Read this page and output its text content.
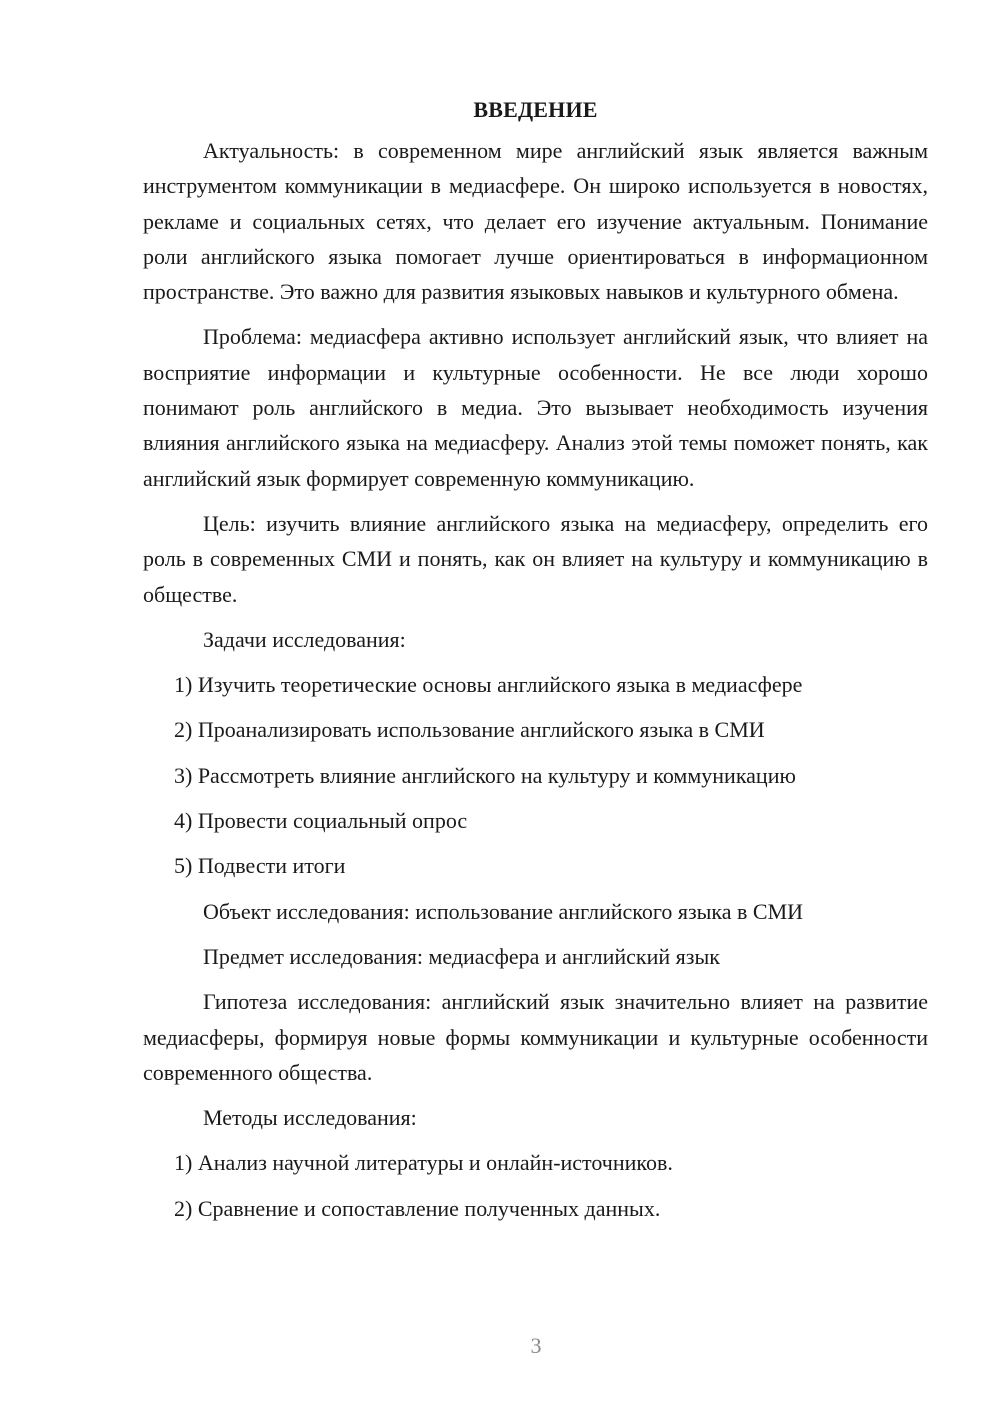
ВВЕДЕНИЕ

Актуальность: в современном мире английский язык является важным инструментом коммуникации в медиасфере. Он широко используется в новостях, рекламе и социальных сетях, что делает его изучение актуальным. Понимание роли английского языка помогает лучше ориентироваться в информационном пространстве. Это важно для развития языковых навыков и культурного обмена.

Проблема: медиасфера активно использует английский язык, что влияет на восприятие информации и культурные особенности. Не все люди хорошо понимают роль английского в медиа. Это вызывает необходимость изучения влияния английского языка на медиасферу. Анализ этой темы поможет понять, как английский язык формирует современную коммуникацию.

Цель: изучить влияние английского языка на медиасферу, определить его роль в современных СМИ и понять, как он влияет на культуру и коммуникацию в обществе.

Задачи исследования:

1) Изучить теоретические основы английского языка в медиасфере

2) Проанализировать использование английского языка в СМИ

3) Рассмотреть влияние английского на культуру и коммуникацию

4) Провести социальный опрос

5) Подвести итоги

Объект исследования: использование английского языка в СМИ

Предмет исследования: медиасфера и английский язык

Гипотеза исследования: английский язык значительно влияет на развитие медиасферы, формируя новые формы коммуникации и культурные особенности современного общества.

Методы исследования:

1) Анализ научной литературы и онлайн-источников.

2) Сравнение и сопоставление полученных данных.

3
